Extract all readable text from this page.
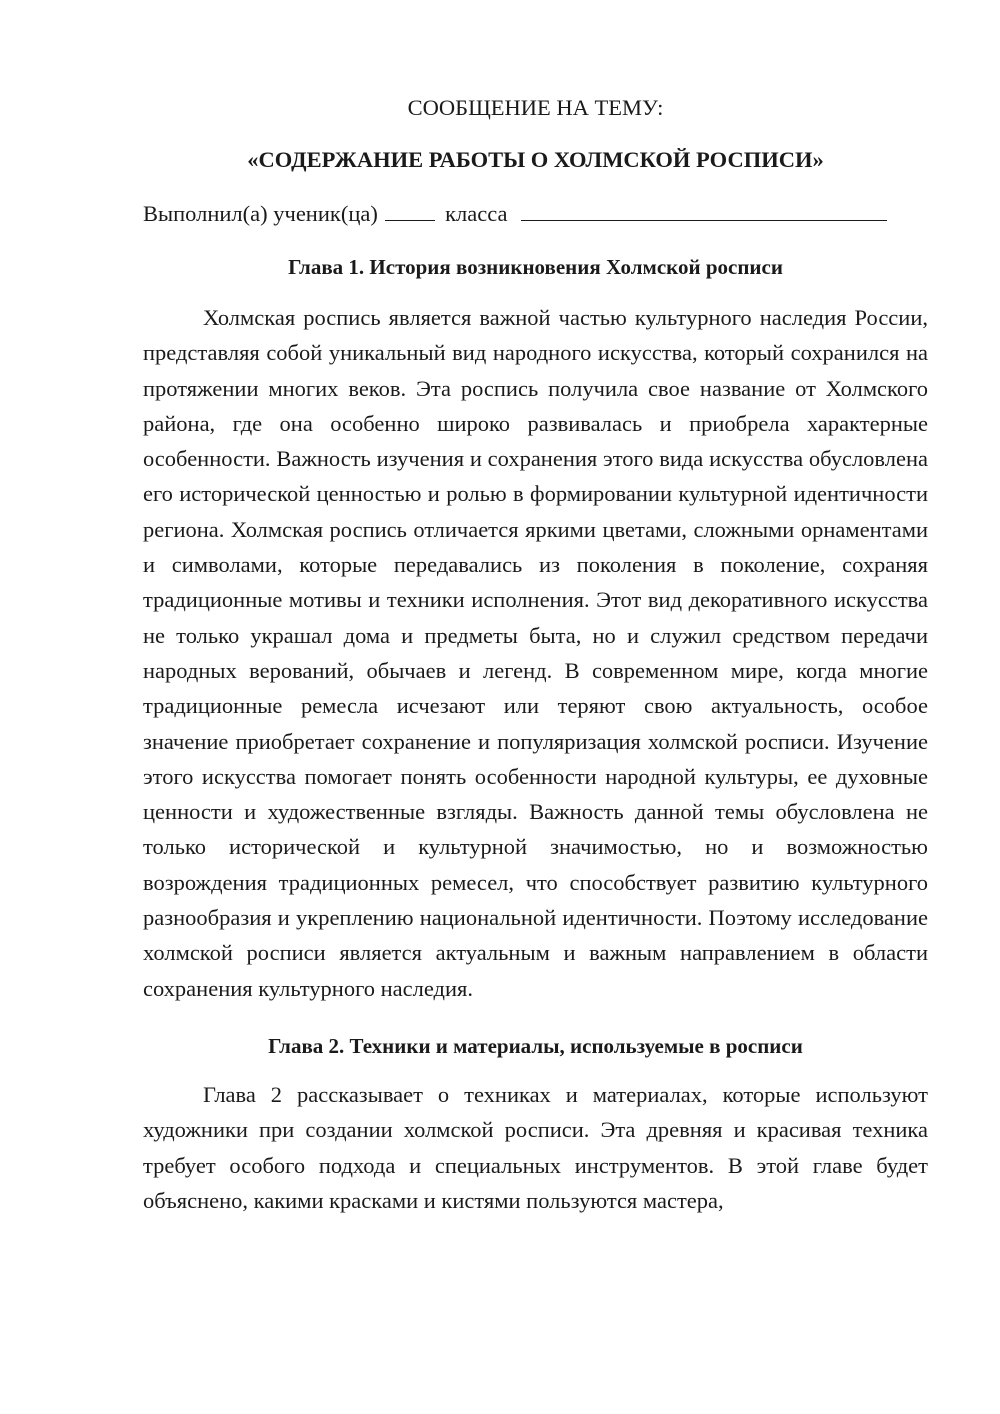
СООБЩЕНИЕ НА ТЕМУ:

«СОДЕРЖАНИЕ РАБОТЫ О ХОЛМСКОЙ РОСПИСИ»

Выполнил(а) ученик(ца)	класса
Глава 1. История возникновения Холмской росписи

Холмская роспись является важной частью культурного наследия России, представляя собой уникальный вид народного искусства, который сохранился на протяжении многих веков. Эта роспись получила свое название от Холмского района, где она особенно широко развивалась и приобрела характерные особенности. Важность изучения и сохранения этого вида искусства обусловлена его исторической ценностью и ролью в формировании культурной идентичности региона. Холмская роспись отличается яркими цветами, сложными орнаментами и символами, которые передавались из поколения в поколение, сохраняя традиционные мотивы и техники исполнения. Этот вид декоративного искусства не только украшал дома и предметы быта, но и служил средством передачи народных верований, обычаев и легенд. В современном мире, когда многие традиционные ремесла исчезают или теряют свою актуальность, особое значение приобретает сохранение и популяризация холмской росписи. Изучение этого искусства помогает понять особенности народной культуры, ее духовные ценности и художественные взгляды. Важность данной темы обусловлена не только исторической и культурной значимостью, но и возможностью возрождения традиционных ремесел, что способствует развитию культурного разнообразия и укреплению национальной идентичности. Поэтому исследование холмской росписи является актуальным и важным направлением в области сохранения культурного наследия.

Глава 2. Техники и материалы, используемые в росписи

Глава 2 рассказывает о техниках и материалах, которые используют художники при создании холмской росписи. Эта древняя и красивая техника требует особого подхода и специальных инструментов. В этой главе будет объяснено, какими красками и кистями пользуются мастера,
